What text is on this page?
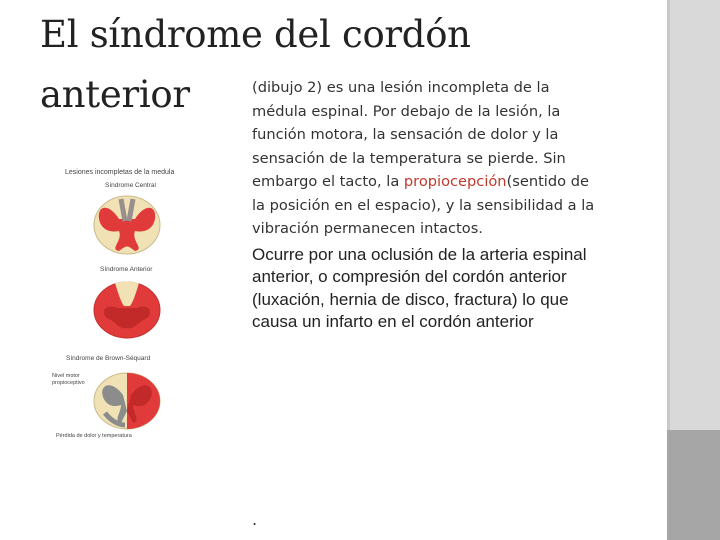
El síndrome del cordón
anterior	(dibujo 2) es una lesión incompleta de la médula espinal. Por debajo de la lesión, la función motora, la sensación de dolor y la sensación de la temperatura se pierde. Sin embargo el tacto, la propiocepción(sentido de la posición en el espacio), y la sensibilidad a la vibración permanecen intactos.

Ocurre por una oclusión de la arteria espinal anterior, o compresión del cordón anterior (luxación, hernia de disco, fractura) lo que causa un infarto en el cordón anterior

.
Lesiones incompletas de la medula
Síndrome Central
Síndrome Anterior
Síndrome de Brown-Séquard
Nivel motor
propioceptivo
Pérdida de dolor y temperatura
